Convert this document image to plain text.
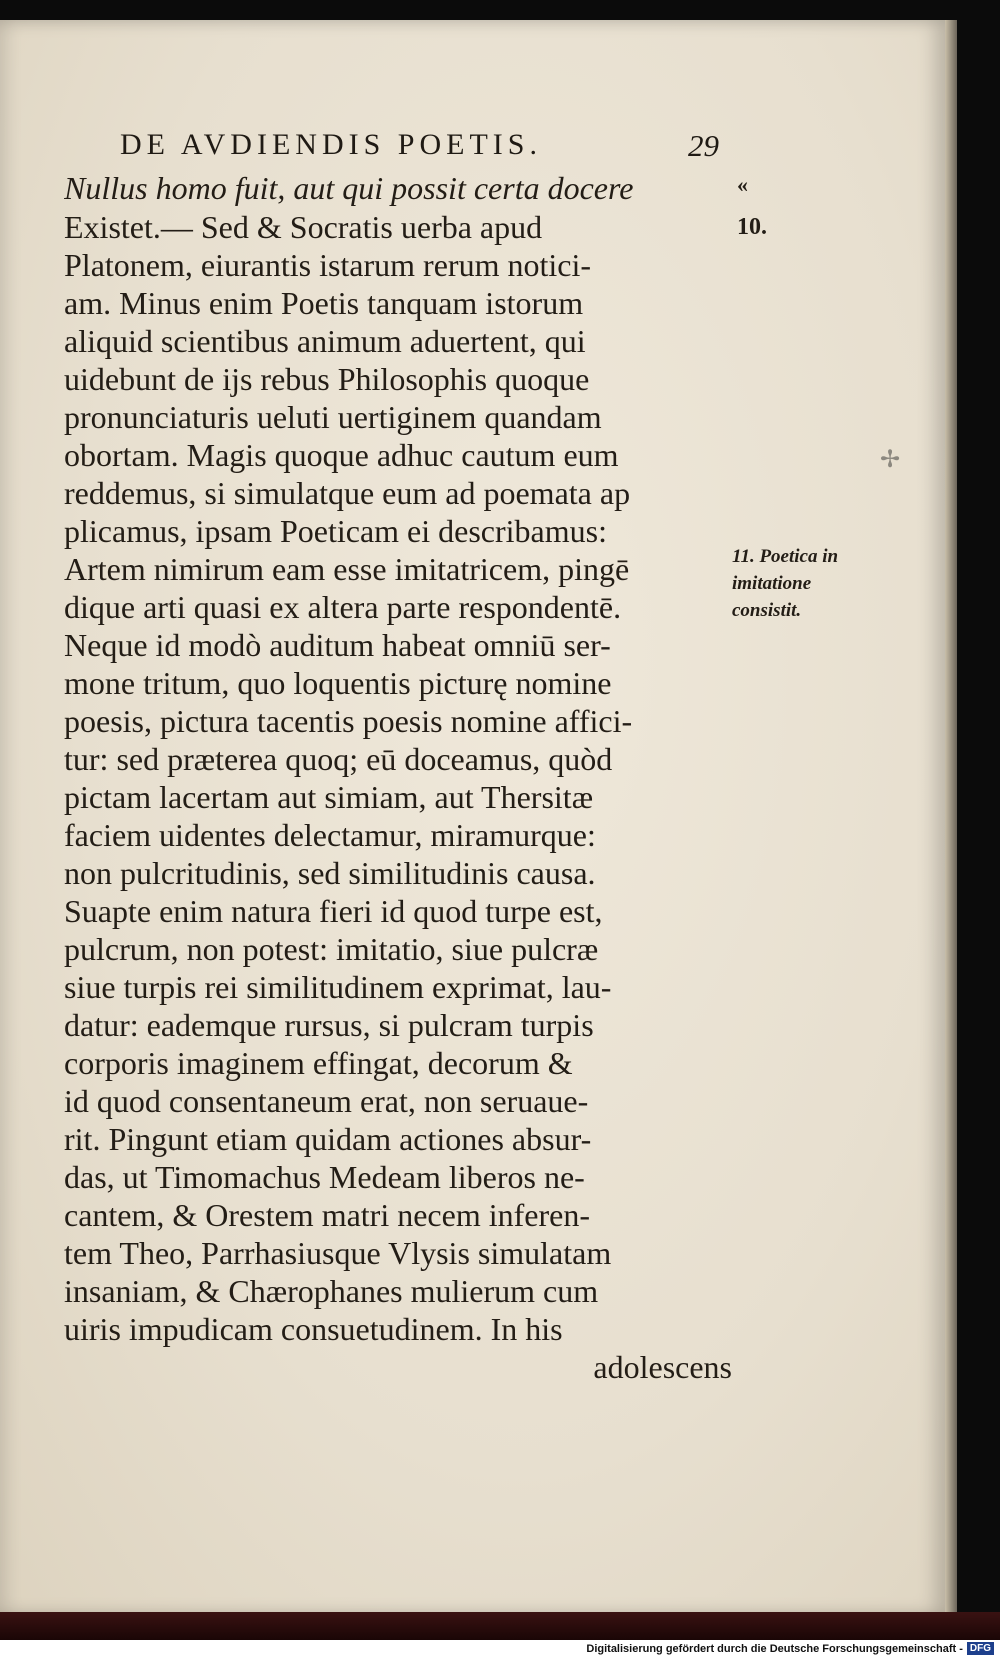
DE AVDIENDIS POETIS.	29
Nullus homo fuit, aut qui possit certa docere
Existet.— Sed & Socratis uerba apud
Platonem, eiurantis istarum rerum notici-
am. Minus enim Poetis tanquam istorum
aliquid scientibus animum aduertent, qui
uidebunt de ijs rebus Philosophis quoque
pronunciaturis ueluti uertiginem quandam
obortam. Magis quoque adhuc cautum eum
reddemus, si simulatque eum ad poemata ap
plicamus, ipsam Poeticam ei describamus:
Artem nimirum eam esse imitatricem, pingē
dique arti quasi ex altera parte respondentē.
Neque id modò auditum habeat omniū ser-
mone tritum, quo loquentis picturę nomine
poesis, pictura tacentis poesis nomine affici-
tur: sed præterea quoq; eū doceamus, quòd
pictam lacertam aut simiam, aut Thersitæ
faciem uidentes delectamur, miramurque:
non pulcritudinis, sed similitudinis causa.
Suapte enim natura fieri id quod turpe est,
pulcrum, non potest: imitatio, siue pulcræ
siue turpis rei similitudinem exprimat, lau-
datur: eademque rursus, si pulcram turpis
corporis imaginem effingat, decorum &
id quod consentaneum erat, non seruaue-
rit. Pingunt etiam quidam actiones absur-
das, ut Timomachus Medeam liberos ne-
cantem, & Orestem matri necem inferen-
tem Theo, Parrhasiusque Vlysis simulatam
insaniam, & Chærophanes mulierum cum
uiris impudicam consuetudinem. In his
adolescens
«
10.
11. Poetica in
imitatione
consistit.
✢
Digitalisierung gefördert durch die Deutsche Forschungsgemeinschaft - DFG
